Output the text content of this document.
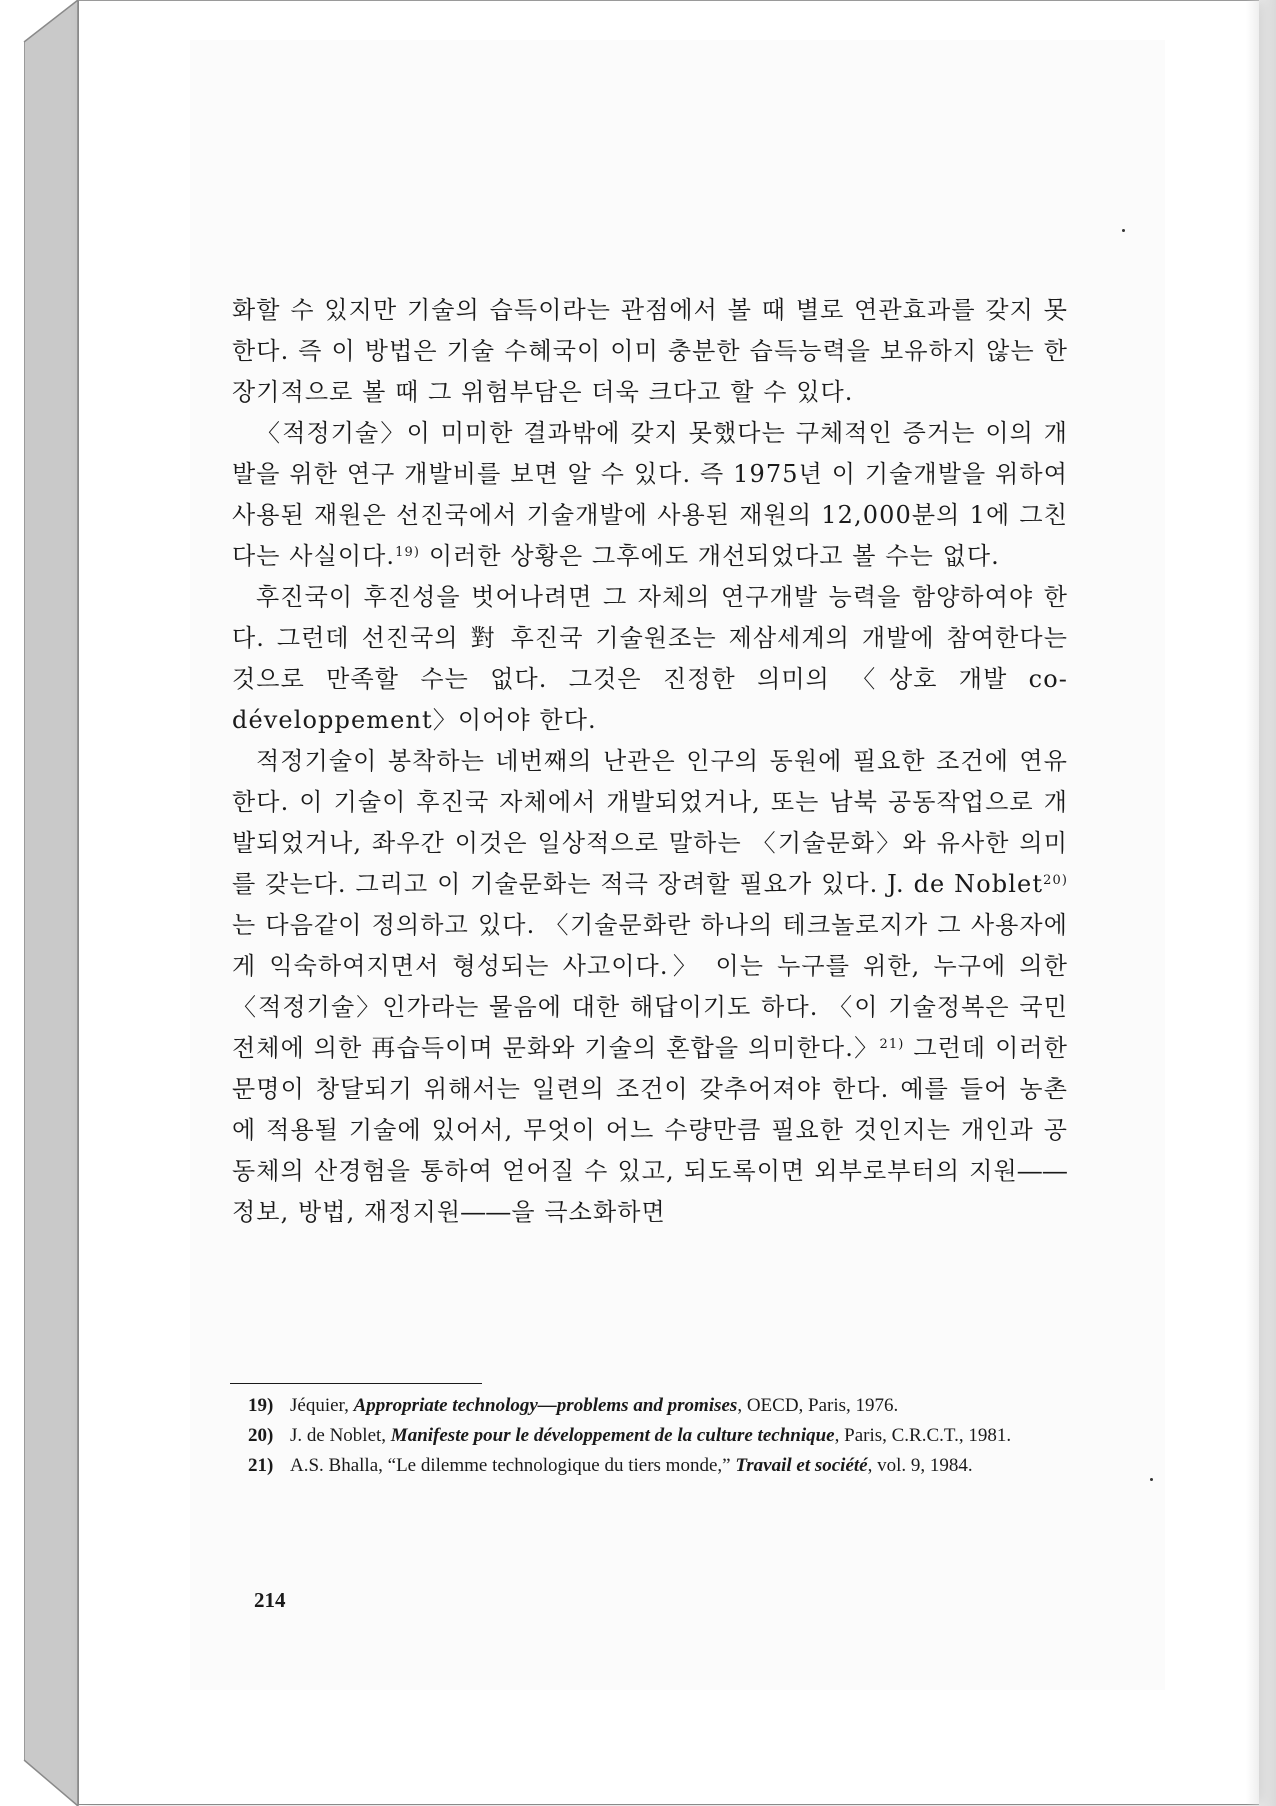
화할 수 있지만 기술의 습득이라는 관점에서 볼 때 별로 연관효과를 갖지 못한다. 즉 이 방법은 기술 수혜국이 이미 충분한 습득능력을 보유하지 않는 한 장기적으로 볼 때 그 위험부담은 더욱 크다고 할 수 있다.

〈적정기술〉이 미미한 결과밖에 갖지 못했다는 구체적인 증거는 이의 개발을 위한 연구 개발비를 보면 알 수 있다. 즉 1975년 이 기술개발을 위하여 사용된 재원은 선진국에서 기술개발에 사용된 재원의 12,000분의 1에 그친다는 사실이다.$^{19)}$ 이러한 상황은 그후에도 개선되었다고 볼 수는 없다.

후진국이 후진성을 벗어나려면 그 자체의 연구개발 능력을 함양하여야 한다. 그런데 선진국의 對 후진국 기술원조는 제삼세계의 개발에 참여한다는 것으로 만족할 수는 없다. 그것은 진정한 의미의 〈상호 개발 co-développement〉이어야 한다.

적정기술이 봉착하는 네번째의 난관은 인구의 동원에 필요한 조건에 연유한다. 이 기술이 후진국 자체에서 개발되었거나, 또는 남북 공동작업으로 개발되었거나, 좌우간 이것은 일상적으로 말하는 〈기술문화〉와 유사한 의미를 갖는다. 그리고 이 기술문화는 적극 장려할 필요가 있다. J. de Noblet$^{20)}$는 다음같이 정의하고 있다. 〈기술문화란 하나의 테크놀로지가 그 사용자에게 익숙하여지면서 형성되는 사고이다.〉 이는 누구를 위한, 누구에 의한 〈적정기술〉인가라는 물음에 대한 해답이기도 하다. 〈이 기술정복은 국민 전체에 의한 再습득이며 문화와 기술의 혼합을 의미한다.〉$^{21)}$ 그런데 이러한 문명이 창달되기 위해서는 일련의 조건이 갖추어져야 한다. 예를 들어 농촌에 적용될 기술에 있어서, 무엇이 어느 수량만큼 필요한 것인지는 개인과 공동체의 산경험을 통하여 얻어질 수 있고, 되도록이면 외부로부터의 지원――정보, 방법, 재정지원――을 극소화하면

19) Jéquier, Appropriate technology—problems and promises, OECD, Paris, 1976.
20) J. de Noblet, Manifeste pour le développement de la culture technique, Paris, C.R.C.T., 1981.
21) A.S. Bhalla, “Le dilemme technologique du tiers monde,” Travail et société, vol. 9, 1984.
214
